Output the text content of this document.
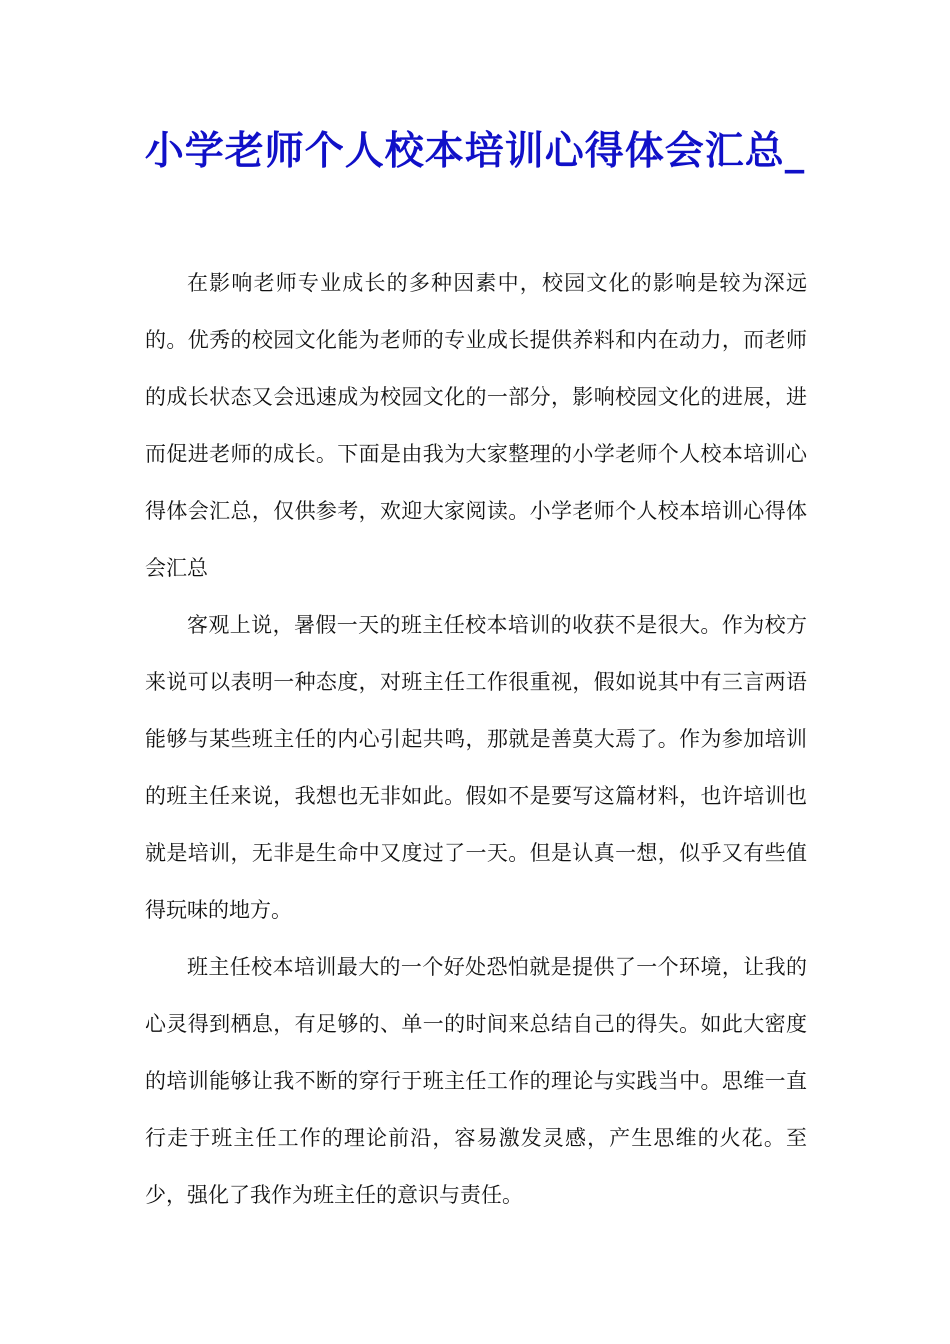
小学老师个人校本培训心得体会汇总_

在影响老师专业成长的多种因素中，校园文化的影响是较为深远的。优秀的校园文化能为老师的专业成长提供养料和内在动力，而老师的成长状态又会迅速成为校园文化的一部分，影响校园文化的进展，进而促进老师的成长。下面是由我为大家整理的小学老师个人校本培训心得体会汇总，仅供参考，欢迎大家阅读。小学老师个人校本培训心得体会汇总

客观上说，暑假一天的班主任校本培训的收获不是很大。作为校方来说可以表明一种态度，对班主任工作很重视，假如说其中有三言两语能够与某些班主任的内心引起共鸣，那就是善莫大焉了。作为参加培训的班主任来说，我想也无非如此。假如不是要写这篇材料，也许培训也就是培训，无非是生命中又度过了一天。但是认真一想，似乎又有些值得玩味的地方。

班主任校本培训最大的一个好处恐怕就是提供了一个环境，让我的心灵得到栖息，有足够的、单一的时间来总结自己的得失。如此大密度的培训能够让我不断的穿行于班主任工作的理论与实践当中。思维一直行走于班主任工作的理论前沿，容易激发灵感，产生思维的火花。至少，强化了我作为班主任的意识与责任。
